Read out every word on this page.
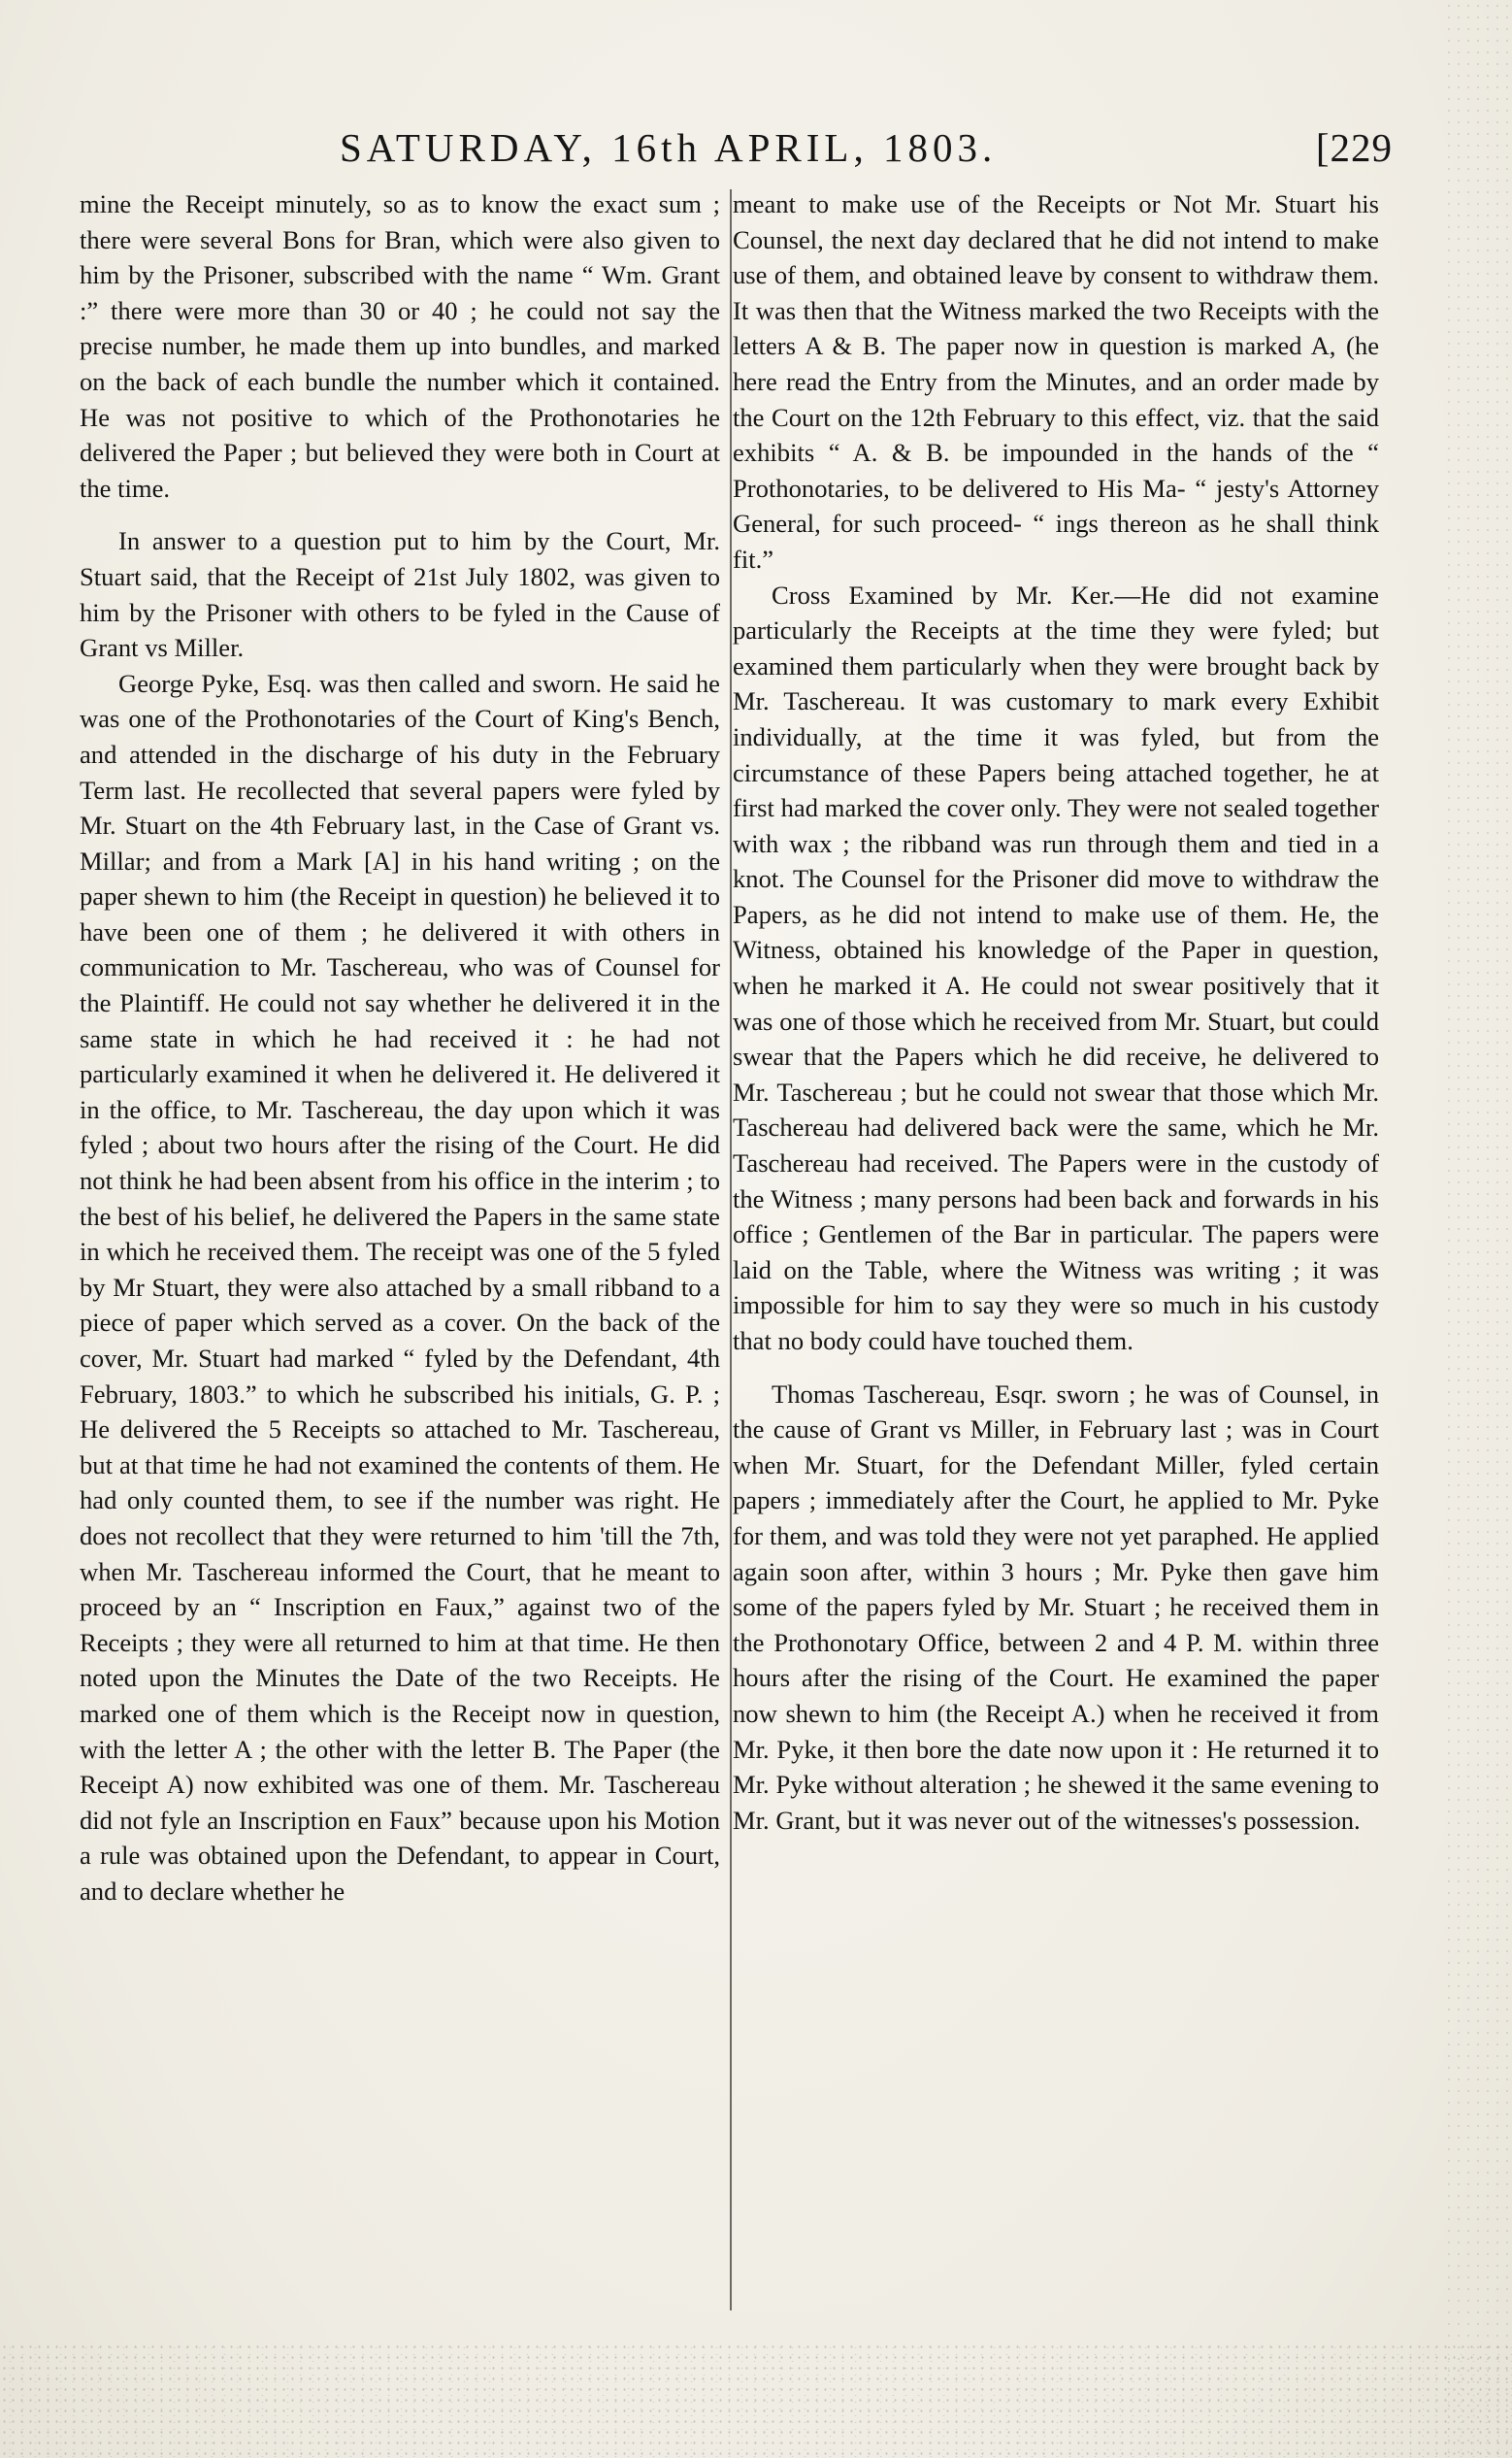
SATURDAY, 16th APRIL, 1803.	[229

mine the Receipt minutely, so as to know the exact sum ; there were several Bons for Bran, which were also given to him by the Prisoner, subscribed with the name “ Wm. Grant :” there were more than 30 or 40 ; he could not say the precise number, he made them up into bundles, and marked on the back of each bundle the number which it contained. He was not positive to which of the Prothonotaries he delivered the Paper ; but believed they were both in Court at the time.

In answer to a question put to him by the Court, Mr. Stuart said, that the Receipt of 21st July 1802, was given to him by the Prisoner with others to be fyled in the Cause of Grant vs Miller.

George Pyke, Esq. was then called and sworn. He said he was one of the Prothonotaries of the Court of King's Bench, and attended in the discharge of his duty in the February Term last. He recollected that several papers were fyled by Mr. Stuart on the 4th February last, in the Case of Grant vs. Millar; and from a Mark [A] in his hand writing ; on the paper shewn to him (the Receipt in question) he believed it to have been one of them ; he delivered it with others in communication to Mr. Taschereau, who was of Counsel for the Plaintiff. He could not say whether he delivered it in the same state in which he had received it : he had not particularly examined it when he delivered it. He delivered it in the office, to Mr. Taschereau, the day upon which it was fyled ; about two hours after the rising of the Court. He did not think he had been absent from his office in the interim ; to the best of his belief, he delivered the Papers in the same state in which he received them. The receipt was one of the 5 fyled by Mr Stuart, they were also attached by a small ribband to a piece of paper which served as a cover. On the back of the cover, Mr. Stuart had marked “ fyled by the Defendant, 4th February, 1803.” to which he subscribed his initials, G. P. ; He delivered the 5 Receipts so attached to Mr. Taschereau, but at that time he had not examined the contents of them. He had only counted them, to see if the number was right. He does not recollect that they were returned to him 'till the 7th, when Mr. Taschereau informed the Court, that he meant to proceed by an “ Inscription en Faux,” against two of the Receipts ; they were all returned to him at that time. He then noted upon the Minutes the Date of the two Receipts. He marked one of them which is the Receipt now in question, with the letter A ; the other with the letter B. The Paper (the Receipt A) now exhibited was one of them. Mr. Taschereau did not fyle an Inscription en Faux” because upon his Motion a rule was obtained upon the Defendant, to appear in Court, and to declare whether he

meant to make use of the Receipts or Not Mr. Stuart his Counsel, the next day declared that he did not intend to make use of them, and obtained leave by consent to withdraw them. It was then that the Witness marked the two Receipts with the letters A & B. The paper now in question is marked A, (he here read the Entry from the Minutes, and an order made by the Court on the 12th February to this effect, viz. that the said exhibits “ A. & B. be impounded in the hands of the “ Prothonotaries, to be delivered to His Ma- “ jesty's Attorney General, for such proceed- “ ings thereon as he shall think fit.”

Cross Examined by Mr. Ker.—He did not examine particularly the Receipts at the time they were fyled; but examined them particularly when they were brought back by Mr. Taschereau. It was customary to mark every Exhibit individually, at the time it was fyled, but from the circumstance of these Papers being attached together, he at first had marked the cover only. They were not sealed together with wax ; the ribband was run through them and tied in a knot. The Counsel for the Prisoner did move to withdraw the Papers, as he did not intend to make use of them. He, the Witness, obtained his knowledge of the Paper in question, when he marked it A. He could not swear positively that it was one of those which he received from Mr. Stuart, but could swear that the Papers which he did receive, he delivered to Mr. Taschereau ; but he could not swear that those which Mr. Taschereau had delivered back were the same, which he Mr. Taschereau had received. The Papers were in the custody of the Witness ; many persons had been back and forwards in his office ; Gentlemen of the Bar in particular. The papers were laid on the Table, where the Witness was writing ; it was impossible for him to say they were so much in his custody that no body could have touched them.

Thomas Taschereau, Esqr. sworn ; he was of Counsel, in the cause of Grant vs Miller, in February last ; was in Court when Mr. Stuart, for the Defendant Miller, fyled certain papers ; immediately after the Court, he applied to Mr. Pyke for them, and was told they were not yet paraphed. He applied again soon after, within 3 hours ; Mr. Pyke then gave him some of the papers fyled by Mr. Stuart ; he received them in the Prothonotary Office, between 2 and 4 P. M. within three hours after the rising of the Court. He examined the paper now shewn to him (the Receipt A.) when he received it from Mr. Pyke, it then bore the date now upon it : He returned it to Mr. Pyke without alteration ; he shewed it the same evening to Mr. Grant, but it was never out of the witnesses's possession.
